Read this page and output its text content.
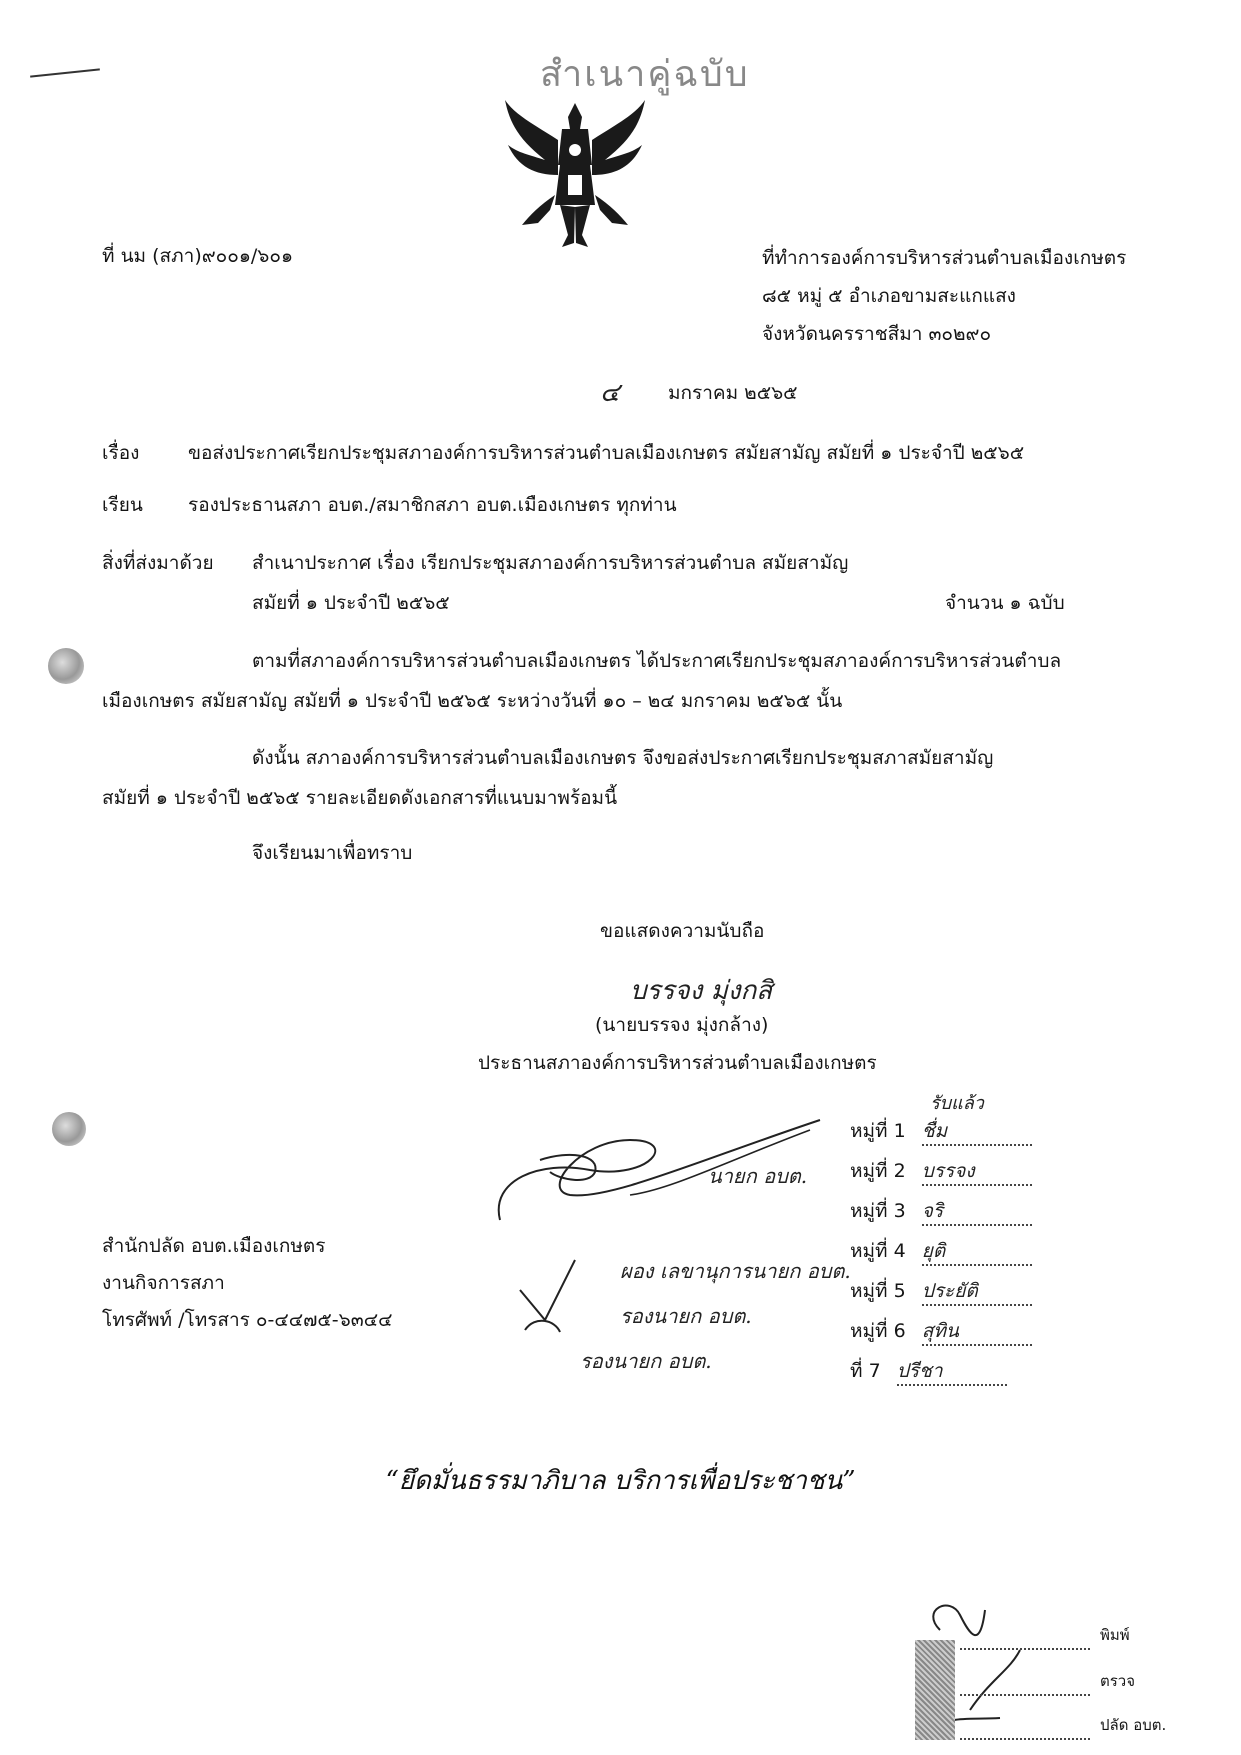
สำเนาคู่ฉบับ
ที่ นม (สภา)๙๐๐๑/๖๐๑	ที่ทำการองค์การบริหารส่วนตำบลเมืองเกษตร
๘๕ หมู่ ๕ อำเภอขามสะแกแสง
จังหวัดนครราชสีมา ๓๐๒๙๐
๔	มกราคม ๒๕๖๕
เรื่อง	ขอส่งประกาศเรียกประชุมสภาองค์การบริหารส่วนตำบลเมืองเกษตร สมัยสามัญ สมัยที่ ๑ ประจำปี ๒๕๖๕
เรียน รองประธานสภา อบต./สมาชิกสภา อบต.เมืองเกษตร ทุกท่าน
สิ่งที่ส่งมาด้วย สำเนาประกาศ เรื่อง เรียกประชุมสภาองค์การบริหารส่วนตำบล สมัยสามัญ
สมัยที่ ๑ ประจำปี ๒๕๖๕	จำนวน ๑ ฉบับ
ตามที่สภาองค์การบริหารส่วนตำบลเมืองเกษตร ได้ประกาศเรียกประชุมสภาองค์การบริหารส่วนตำบล
เมืองเกษตร สมัยสามัญ สมัยที่ ๑ ประจำปี ๒๕๖๕ ระหว่างวันที่ ๑๐ – ๒๔ มกราคม ๒๕๖๕ นั้น
ดังนั้น สภาองค์การบริหารส่วนตำบลเมืองเกษตร จึงขอส่งประกาศเรียกประชุมสภาสมัยสามัญ
สมัยที่ ๑ ประจำปี ๒๕๖๕ รายละเอียดดังเอกสารที่แนบมาพร้อมนี้
จึงเรียนมาเพื่อทราบ
ขอแสดงความนับถือ
บรรจง มุ่งกสิ
(นายบรรจง มุ่งกล้าง)
ประธานสภาองค์การบริหารส่วนตำบลเมืองเกษตร
นายก อบต.
ผอง เลขานุการนายก อบต.
รองนายก อบต.
รองนายก อบต.
รับแล้ว
หมู่ที่ 1 ชื่ม
หมู่ที่ 2 บรรจง
หมู่ที่ 3 จริ
หมู่ที่ 4 ยุติ
หมู่ที่ 5 ประยัติ
หมู่ที่ 6 สุทิน
ที่ 7 ปรีชา
สำนักปลัด อบต.เมืองเกษตร
งานกิจการสภา
โทรศัพท์ /โทรสาร ๐-๔๔๗๕-๖๓๔๔
“ยึดมั่นธรรมาภิบาล บริการเพื่อประชาชน”
พิมพ์
ตรวจ
ปลัด อบต.
